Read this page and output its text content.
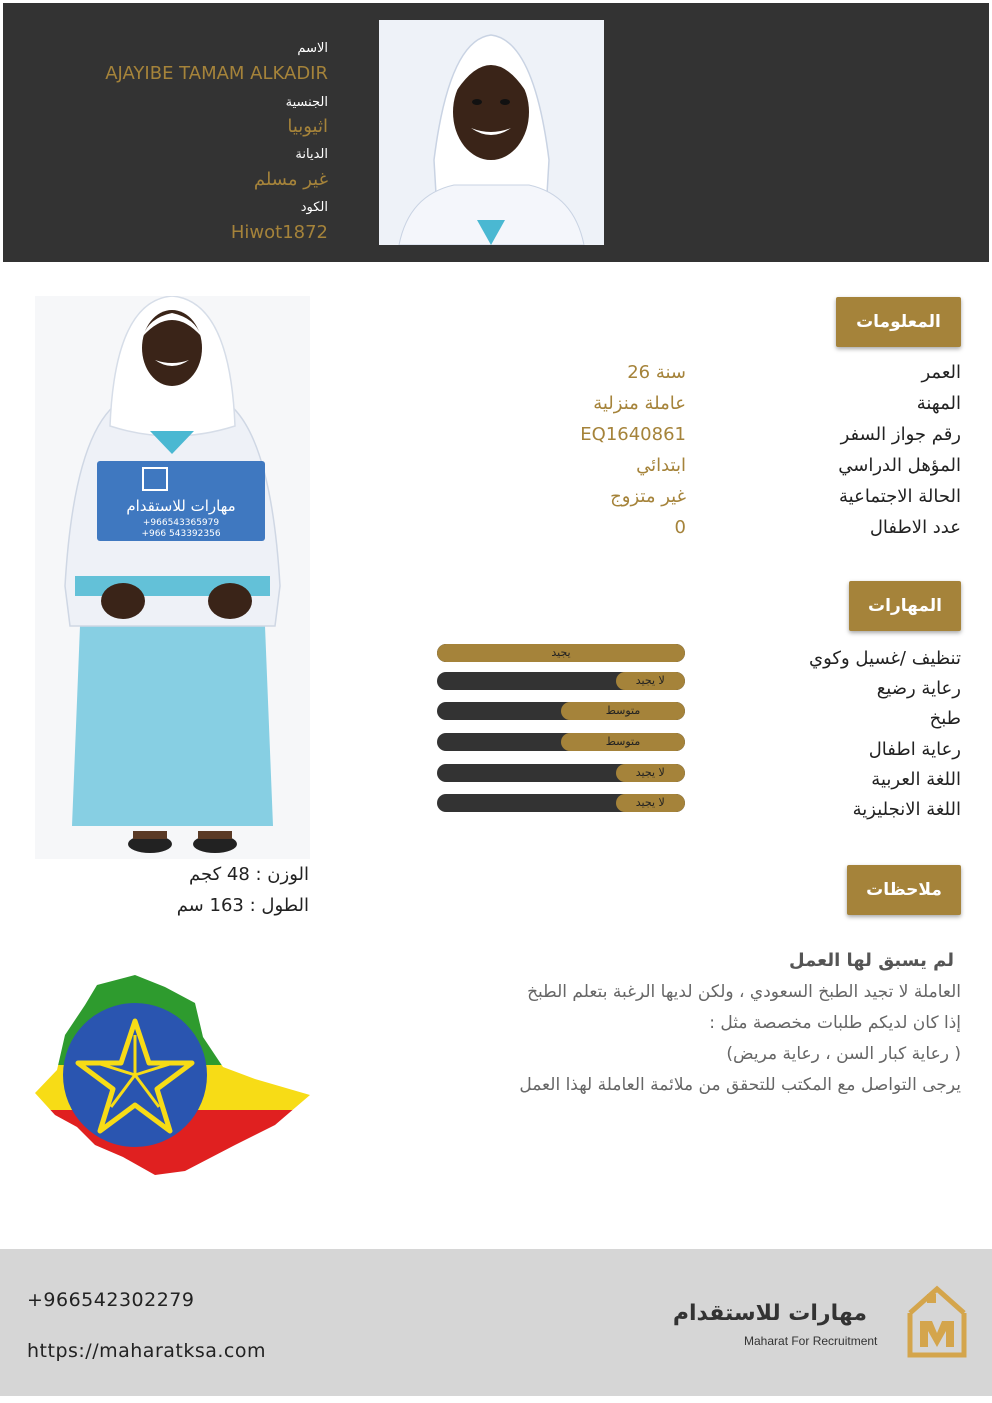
الاسم
AJAYIBE TAMAM ALKADIR
الجنسية
اثيوبيا
الديانة
غير مسلم
الكود
Hiwot1872
مهارات للاستقدام
+966543365979
+966 543392356
الوزن : 48 كجم
الطول : 163 سم
المعلومات
العمر
26 سنة
المهنة
عاملة منزلية
رقم جواز السفر
EQ1640861
المؤهل الدراسي
ابتدائي
الحالة الاجتماعية
غير متزوج
عدد الاطفال
0
المهارات
تنظيف /غسيل وكوي
رعاية رضيع
طبخ
رعاية اطفال
اللغة العربية
اللغة الانجليزية
يجيد
لا يجيد
متوسط
متوسط
لا يجيد
لا يجيد
ملاحظات
لم يسبق لها العمل
العاملة لا تجيد الطبخ السعودي ، ولكن لديها الرغبة بتعلم الطبخ
إذا كان لديكم طلبات مخصصة مثل :
( رعاية كبار السن ، رعاية مريض)
يرجى التواصل مع المكتب للتحقق من ملائمة العاملة لهذا العمل
+966542302279
https://maharatksa.com
مهارات للاستقدام
Maharat For Recruitment
